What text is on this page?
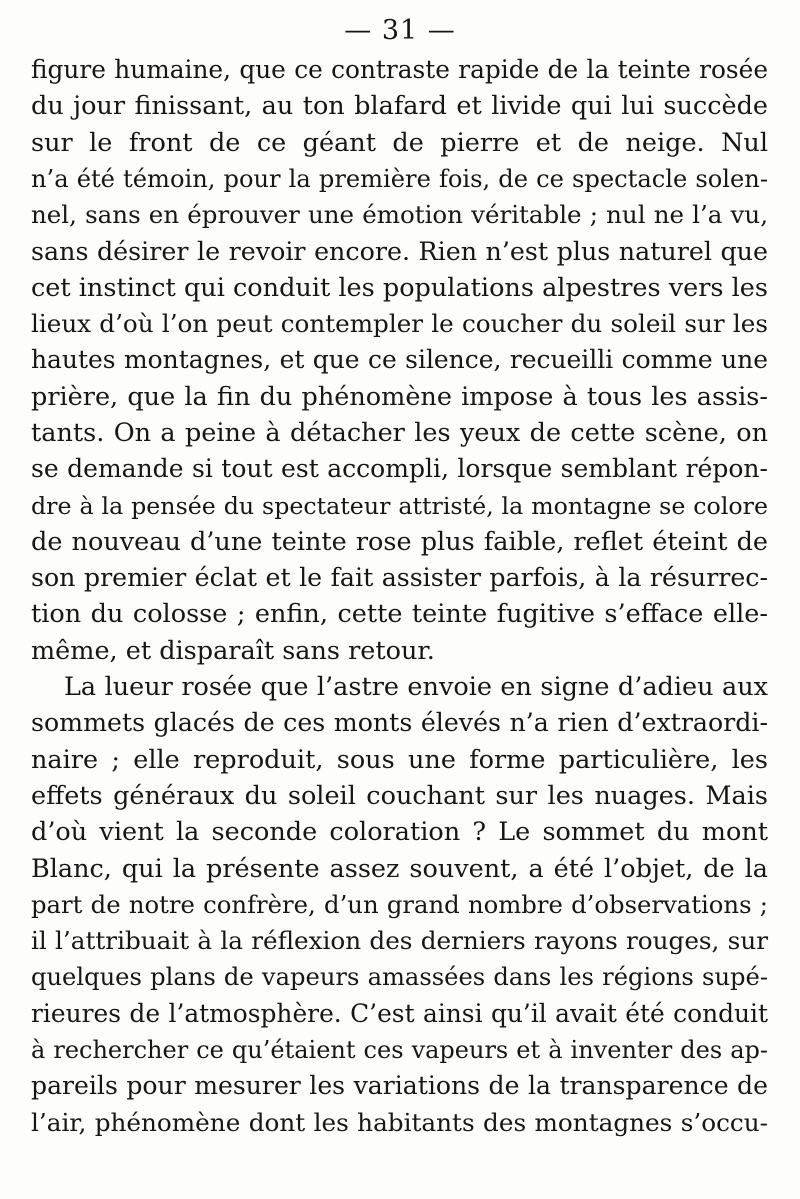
— 31 —
figure humaine, que ce contraste rapide de la teinte rosée
du jour finissant, au ton blafard et livide qui lui succède
sur le front de ce géant de pierre et de neige. Nul
n’a été témoin, pour la première fois, de ce spectacle solen-
nel, sans en éprouver une émotion véritable ; nul ne l’a vu,
sans désirer le revoir encore. Rien n’est plus naturel que
cet instinct qui conduit les populations alpestres vers les
lieux d’où l’on peut contempler le coucher du soleil sur les
hautes montagnes, et que ce silence, recueilli comme une
prière, que la fin du phénomène impose à tous les assis-
tants. On a peine à détacher les yeux de cette scène, on
se demande si tout est accompli, lorsque semblant répon-
dre à la pensée du spectateur attristé, la montagne se colore
de nouveau d’une teinte rose plus faible, reflet éteint de
son premier éclat et le fait assister parfois, à la résurrec-
tion du colosse ; enfin, cette teinte fugitive s’efface elle-
même, et disparaît sans retour.
La lueur rosée que l’astre envoie en signe d’adieu aux
sommets glacés de ces monts élevés n’a rien d’extraordi-
naire ; elle reproduit, sous une forme particulière, les
effets généraux du soleil couchant sur les nuages. Mais
d’où vient la seconde coloration ? Le sommet du mont
Blanc, qui la présente assez souvent, a été l’objet, de la
part de notre confrère, d’un grand nombre d’observations ;
il l’attribuait à la réflexion des derniers rayons rouges, sur
quelques plans de vapeurs amassées dans les régions supé-
rieures de l’atmosphère. C’est ainsi qu’il avait été conduit
à rechercher ce qu’étaient ces vapeurs et à inventer des ap-
pareils pour mesurer les variations de la transparence de
l’air, phénomène dont les habitants des montagnes s’occu-
